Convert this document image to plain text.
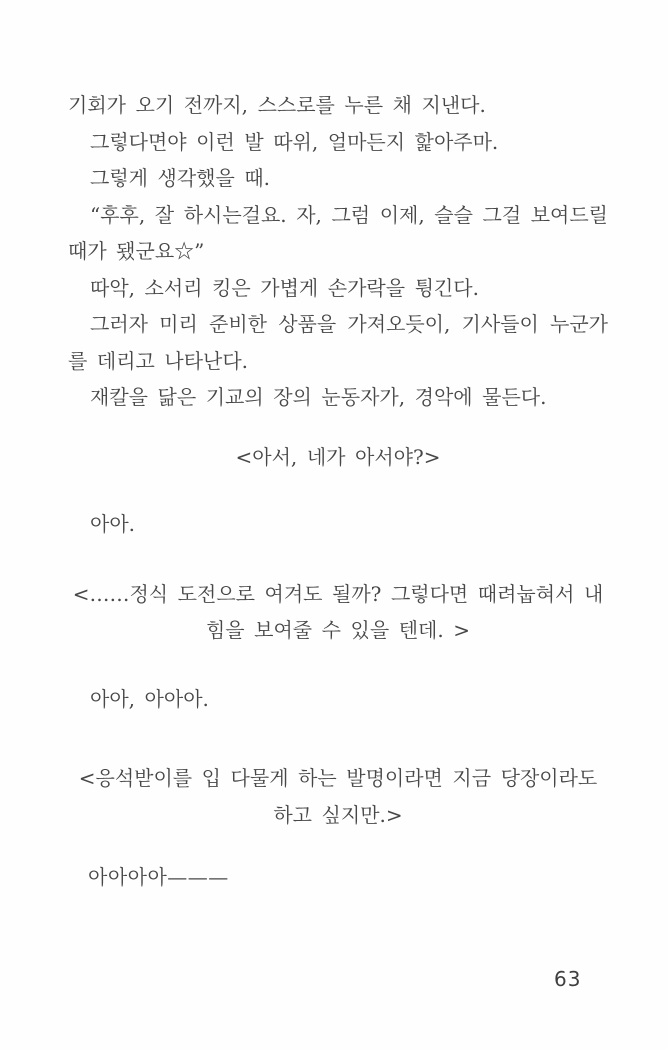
기회가 오기 전까지, 스스로를 누른 채 지낸다.

그렇다면야 이런 발 따위, 얼마든지 핥아주마.

그렇게 생각했을 때.

“후후, 잘 하시는걸요. 자, 그럼 이제, 슬슬 그걸 보여드릴

때가 됐군요☆”

따악, 소서리 킹은 가볍게 손가락을 튕긴다.

그러자 미리 준비한 상품을 가져오듯이, 기사들이 누군가

를 데리고 나타난다.

재칼을 닮은 기교의 장의 눈동자가, 경악에 물든다.

<아서, 네가 아서야?>

아아.

<……정식 도전으로 여겨도 될까? 그렇다면 때려눕혀서 내

힘을 보여줄 수 있을 텐데. >

아아, 아아아.

<응석받이를 입 다물게 하는 발명이라면 지금 당장이라도

하고 싶지만.>

아아아아———

63
